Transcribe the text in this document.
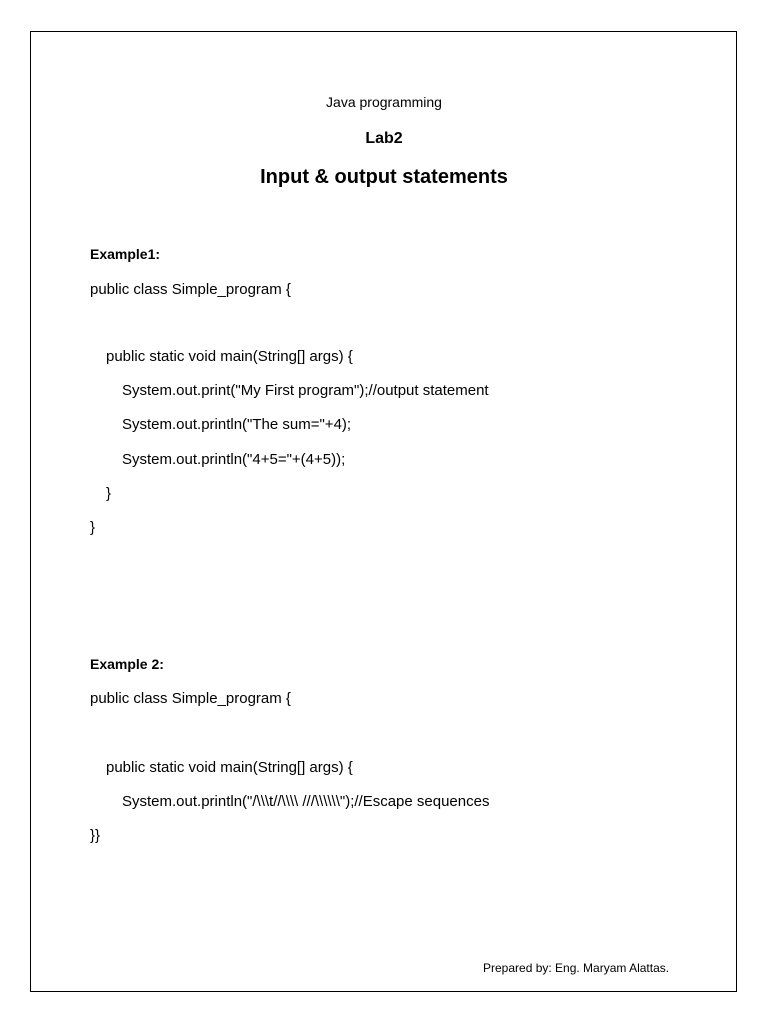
Java programming
Lab2
Input & output statements
Example1:
public class Simple_program {
public static void main(String[] args) {
System.out.print("My First program");//output statement
System.out.println("The sum="+4);
System.out.println("4+5="+(4+5));
}
}
Example 2:
public class Simple_program {
public static void main(String[] args) {
System.out.println("/\\\t//\\\\ ///\\\\\\");//Escape sequences
}}
Prepared by: Eng. Maryam Alattas.
